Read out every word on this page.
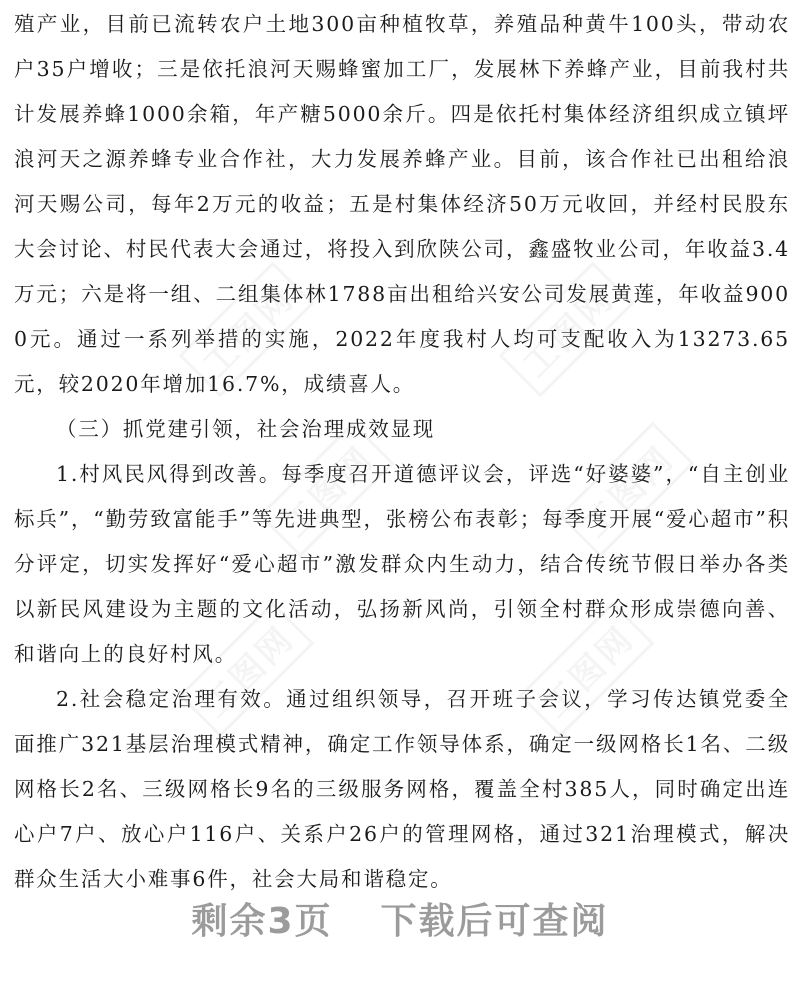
殖产业，目前已流转农户土地300亩种植牧草，养殖品种黄牛100头，带动农户35户增收；三是依托浪河天赐蜂蜜加工厂，发展林下养蜂产业，目前我村共计发展养蜂1000余箱，年产糖5000余斤。四是依托村集体经济组织成立镇坪浪河天之源养蜂专业合作社，大力发展养蜂产业。目前，该合作社已出租给浪河天赐公司，每年2万元的收益；五是村集体经济50万元收回，并经村民股东大会讨论、村民代表大会通过，将投入到欣陕公司，鑫盛牧业公司，年收益3.4万元；六是将一组、二组集体林1788亩出租给兴安公司发展黄莲，年收益9000元。通过一系列举措的实施，2022年度我村人均可支配收入为13273.65元，较2020年增加16.7%，成绩喜人。

（三）抓党建引领，社会治理成效显现

1.村风民风得到改善。每季度召开道德评议会，评选“好婆婆”，“自主创业标兵”，“勤劳致富能手”等先进典型，张榜公布表彰；每季度开展“爱心超市”积分评定，切实发挥好“爱心超市”激发群众内生动力，结合传统节假日举办各类以新民风建设为主题的文化活动，弘扬新风尚，引领全村群众形成崇德向善、和谐向上的良好村风。

2.社会稳定治理有效。通过组织领导，召开班子会议，学习传达镇党委全面推广321基层治理模式精神，确定工作领导体系，确定一级网格长1名、二级网格长2名、三级网格长9名的三级服务网格，覆盖全村385人，同时确定出连心户7户、放心户116户、关系户26户的管理网格，通过321治理模式，解决群众生活大小难事6件，社会大局和谐稳定。

工图网	工图网
工图网	工图网
工图网	工图网
剩余3页 下载后可查阅
